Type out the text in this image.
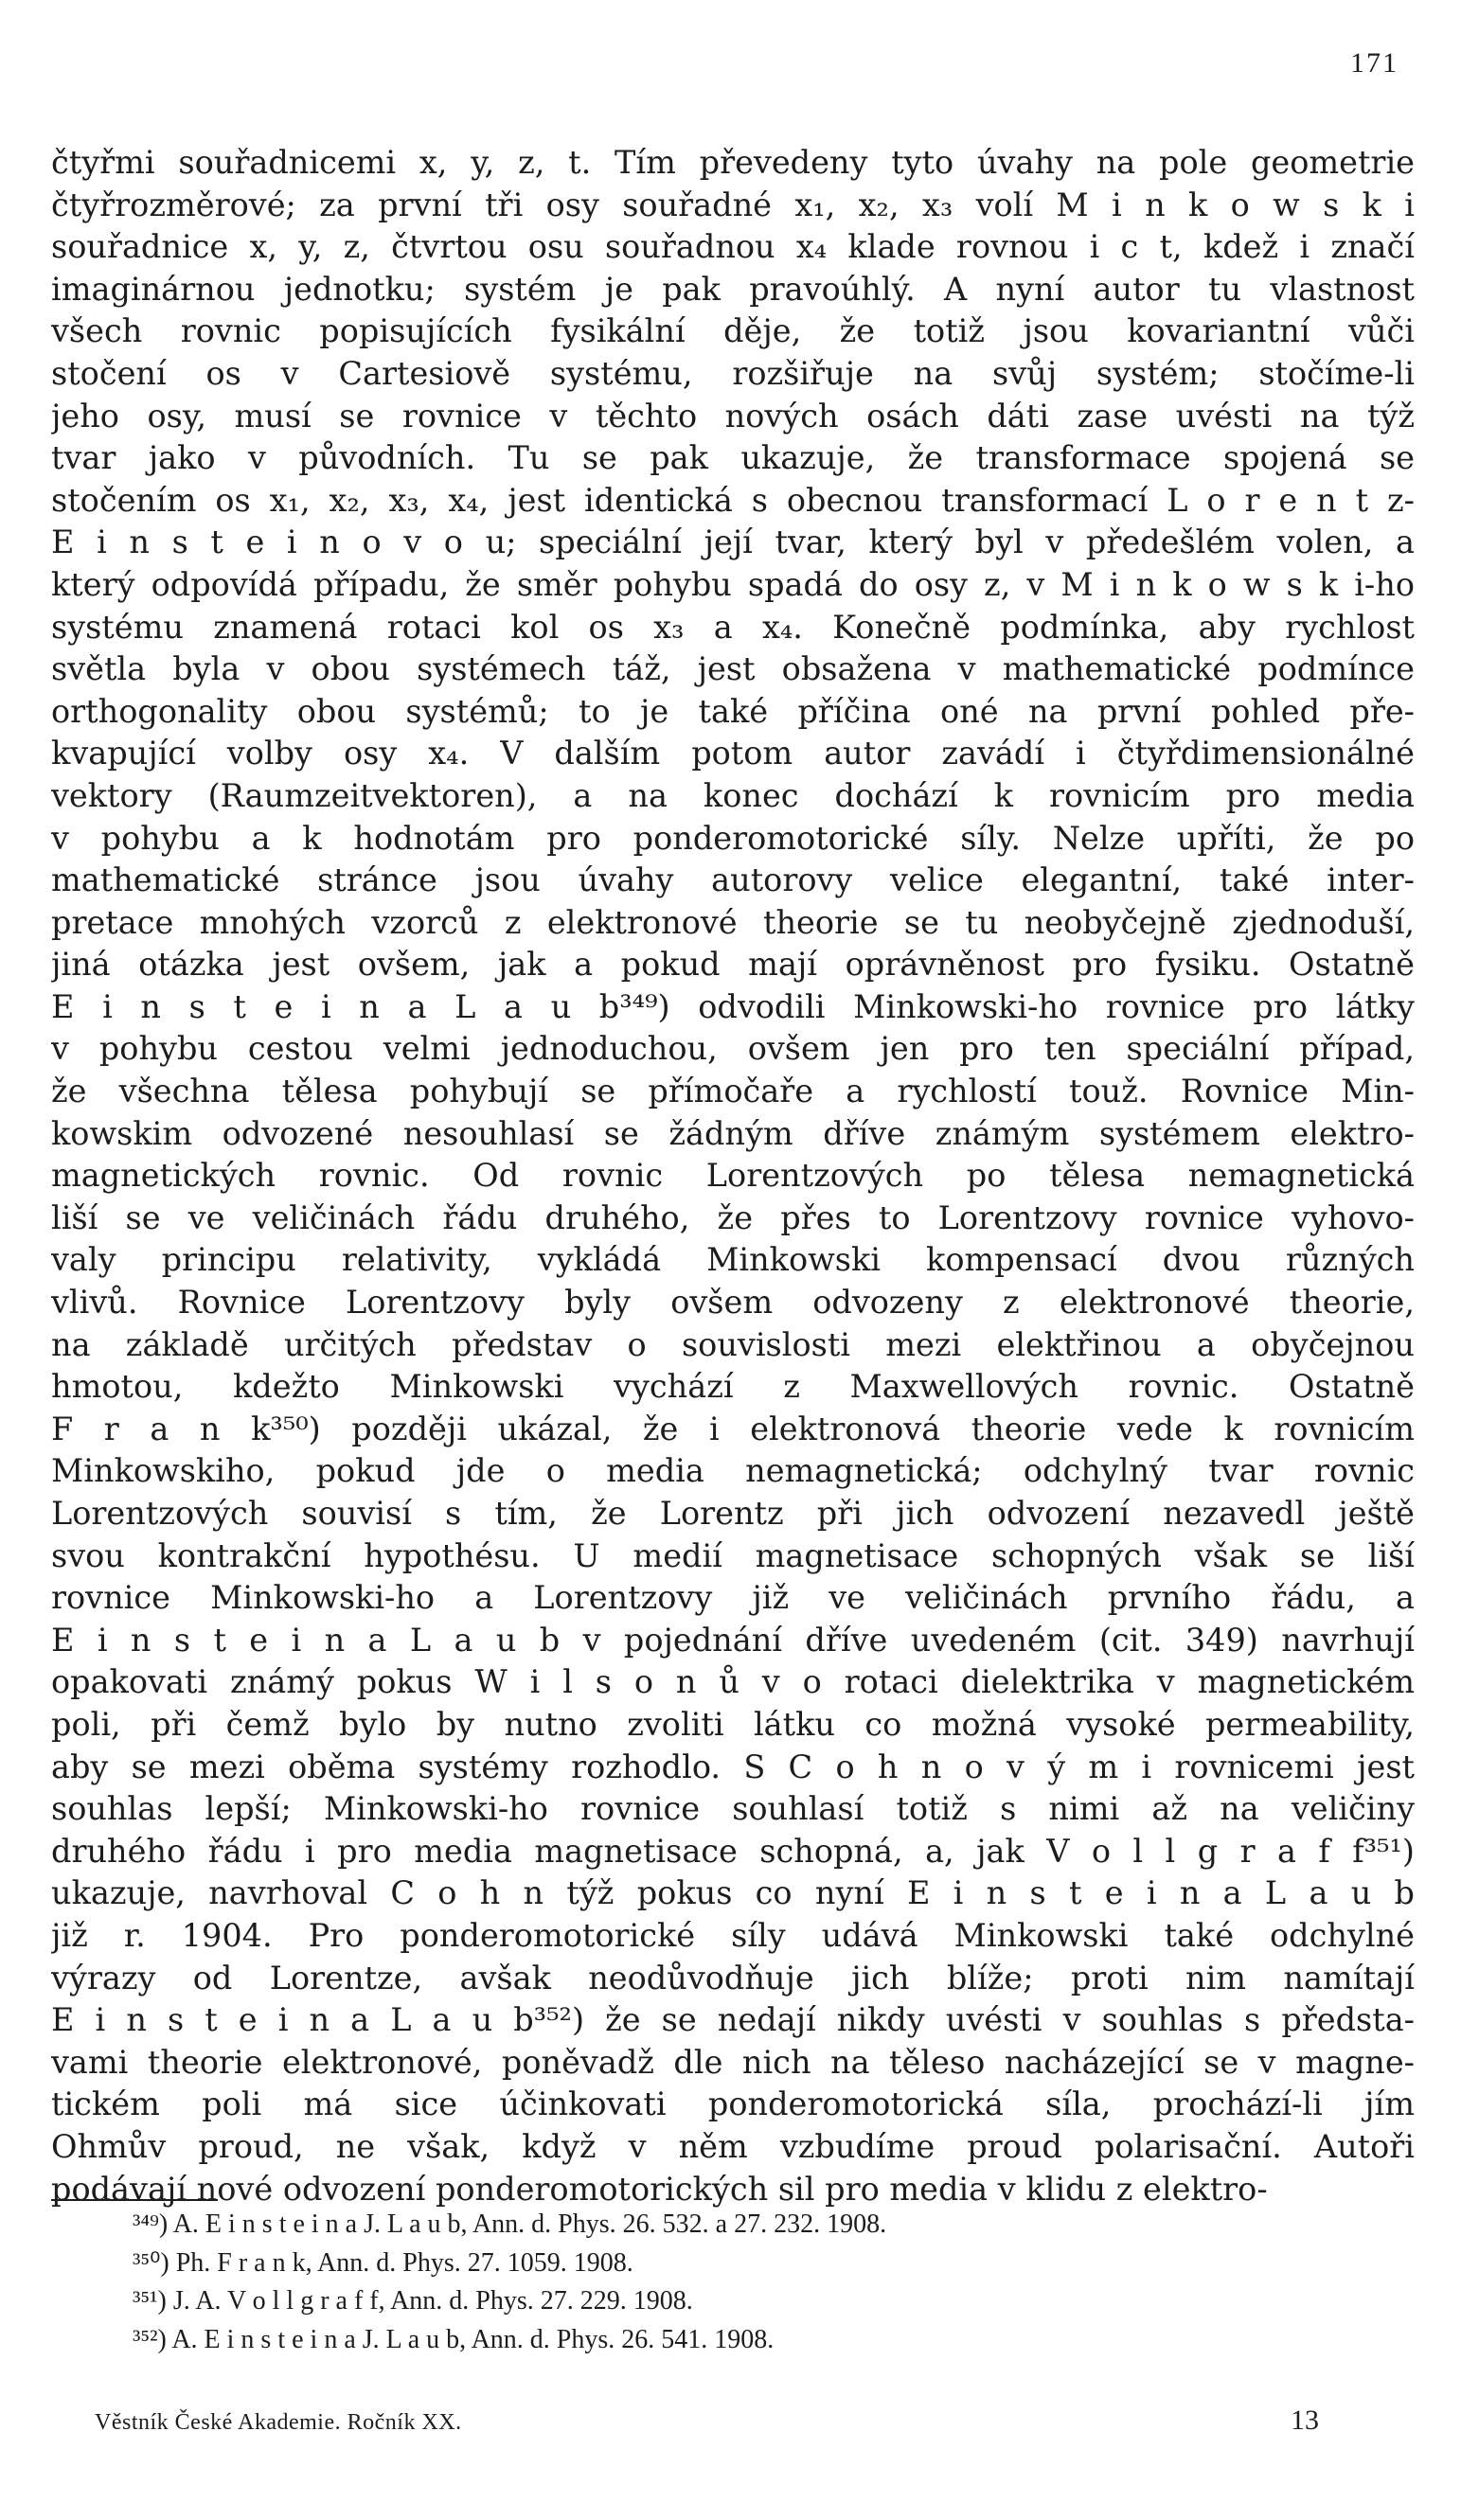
171
čtyřmi souřadnicemi x, y, z, t. Tím převedeny tyto úvahy na pole geometrie
čtyřrozměrové; za první tři osy souřadné x₁, x₂, x₃ volí M i n k o w s k i
souřadnice x, y, z, čtvrtou osu souřadnou x₄ klade rovnou i c t, kdež i značí
imaginárnou jednotku; systém je pak pravoúhlý. A nyní autor tu vlastnost
všech rovnic popisujících fysikální děje, že totiž jsou kovariantní vůči
stočení os v Cartesiově systému, rozšiřuje na svůj systém; stočíme-li
jeho osy, musí se rovnice v těchto nových osách dáti zase uvésti na týž
tvar jako v původních. Tu se pak ukazuje, že transformace spojená se
stočením os x₁, x₂, x₃, x₄, jest identická s obecnou transformací L o r e n t z-
E i n s t e i n o v o u; speciální její tvar, který byl v předešlém volen, a
který odpovídá případu, že směr pohybu spadá do osy z, v M i n k o w s k i-ho
systému znamená rotaci kol os x₃ a x₄. Konečně podmínka, aby rychlost
světla byla v obou systémech táž, jest obsažena v mathematické podmínce
orthogonality obou systémů; to je také příčina oné na první pohled pře-
kvapující volby osy x₄. V dalším potom autor zavádí i čtyřdimensionálné
vektory (Raumzeitvektoren), a na konec dochází k rovnicím pro media
v pohybu a k hodnotám pro ponderomotorické síly. Nelze upříti, že po
mathematické stránce jsou úvahy autorovy velice elegantní, také inter-
pretace mnohých vzorců z elektronové theorie se tu neobyčejně zjednoduší,
jiná otázka jest ovšem, jak a pokud mají oprávněnost pro fysiku. Ostatně
E i n s t e i n a L a u b³⁴⁹) odvodili Minkowski-ho rovnice pro látky
v pohybu cestou velmi jednoduchou, ovšem jen pro ten speciální případ,
že všechna tělesa pohybují se přímočaře a rychlostí touž. Rovnice Min-
kowskim odvozené nesouhlasí se žádným dříve známým systémem elektro-
magnetických rovnic. Od rovnic Lorentzových po tělesa nemagnetická
liší se ve veličinách řádu druhého, že přes to Lorentzovy rovnice vyhovo-
valy principu relativity, vykládá Minkowski kompensací dvou různých
vlivů. Rovnice Lorentzovy byly ovšem odvozeny z elektronové theorie,
na základě určitých představ o souvislosti mezi elektřinou a obyčejnou
hmotou, kdežto Minkowski vychází z Maxwellových rovnic. Ostatně
F r a n k³⁵⁰) později ukázal, že i elektronová theorie vede k rovnicím
Minkowskiho, pokud jde o media nemagnetická; odchylný tvar rovnic
Lorentzových souvisí s tím, že Lorentz při jich odvození nezavedl ještě
svou kontrakční hypothésu. U medií magnetisace schopných však se liší
rovnice Minkowski-ho a Lorentzovy již ve veličinách prvního řádu, a
E i n s t e i n a L a u b v pojednání dříve uvedeném (cit. 349) navrhují
opakovati známý pokus W i l s o n ů v o rotaci dielektrika v magnetickém
poli, při čemž bylo by nutno zvoliti látku co možná vysoké permeability,
aby se mezi oběma systémy rozhodlo. S C o h n o v ý m i rovnicemi jest
souhlas lepší; Minkowski-ho rovnice souhlasí totiž s nimi až na veličiny
druhého řádu i pro media magnetisace schopná, a, jak V o l l g r a f f³⁵¹)
ukazuje, navrhoval C o h n týž pokus co nyní E i n s t e i n a L a u b
již r. 1904. Pro ponderomotorické síly udává Minkowski také odchylné
výrazy od Lorentze, avšak neodůvodňuje jich blíže; proti nim namítají
E i n s t e i n a L a u b³⁵²) že se nedají nikdy uvésti v souhlas s předsta-
vami theorie elektronové, poněvadž dle nich na těleso nacházející se v magne-
tickém poli má sice účinkovati ponderomotorická síla, prochází-li jím
Ohmův proud, ne však, když v něm vzbudíme proud polarisační. Autoři
podávají nové odvození ponderomotorických sil pro media v klidu z elektro-
³⁴⁹) A. E i n s t e i n a J. L a u b, Ann. d. Phys. 26. 532. a 27. 232. 1908.
³⁵⁰) Ph. F r a n k, Ann. d. Phys. 27. 1059. 1908.
³⁵¹) J. A. V o l l g r a f f, Ann. d. Phys. 27. 229. 1908.
³⁵²) A. E i n s t e i n a J. L a u b, Ann. d. Phys. 26. 541. 1908.
Věstník České Akademie. Ročník XX.	13
